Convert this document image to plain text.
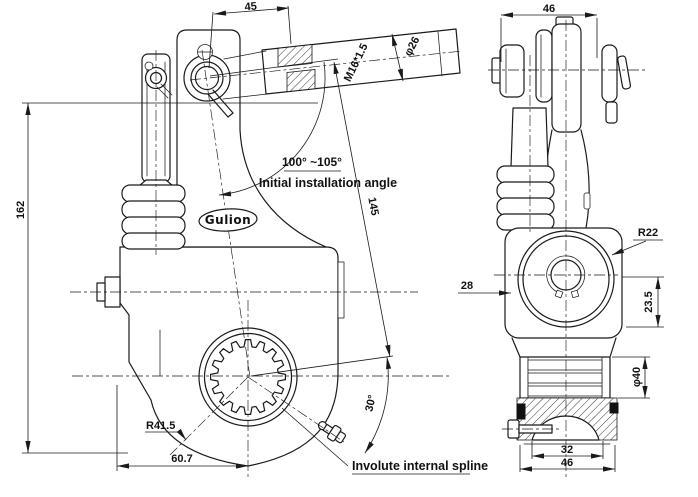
Gulion
45
M16*1.5	φ26
100° ~105°
Initial installation angle
145
162
60.7
R41.5
30°
Involute internal spline
46
R22
28
23.5
φ40
32
46
